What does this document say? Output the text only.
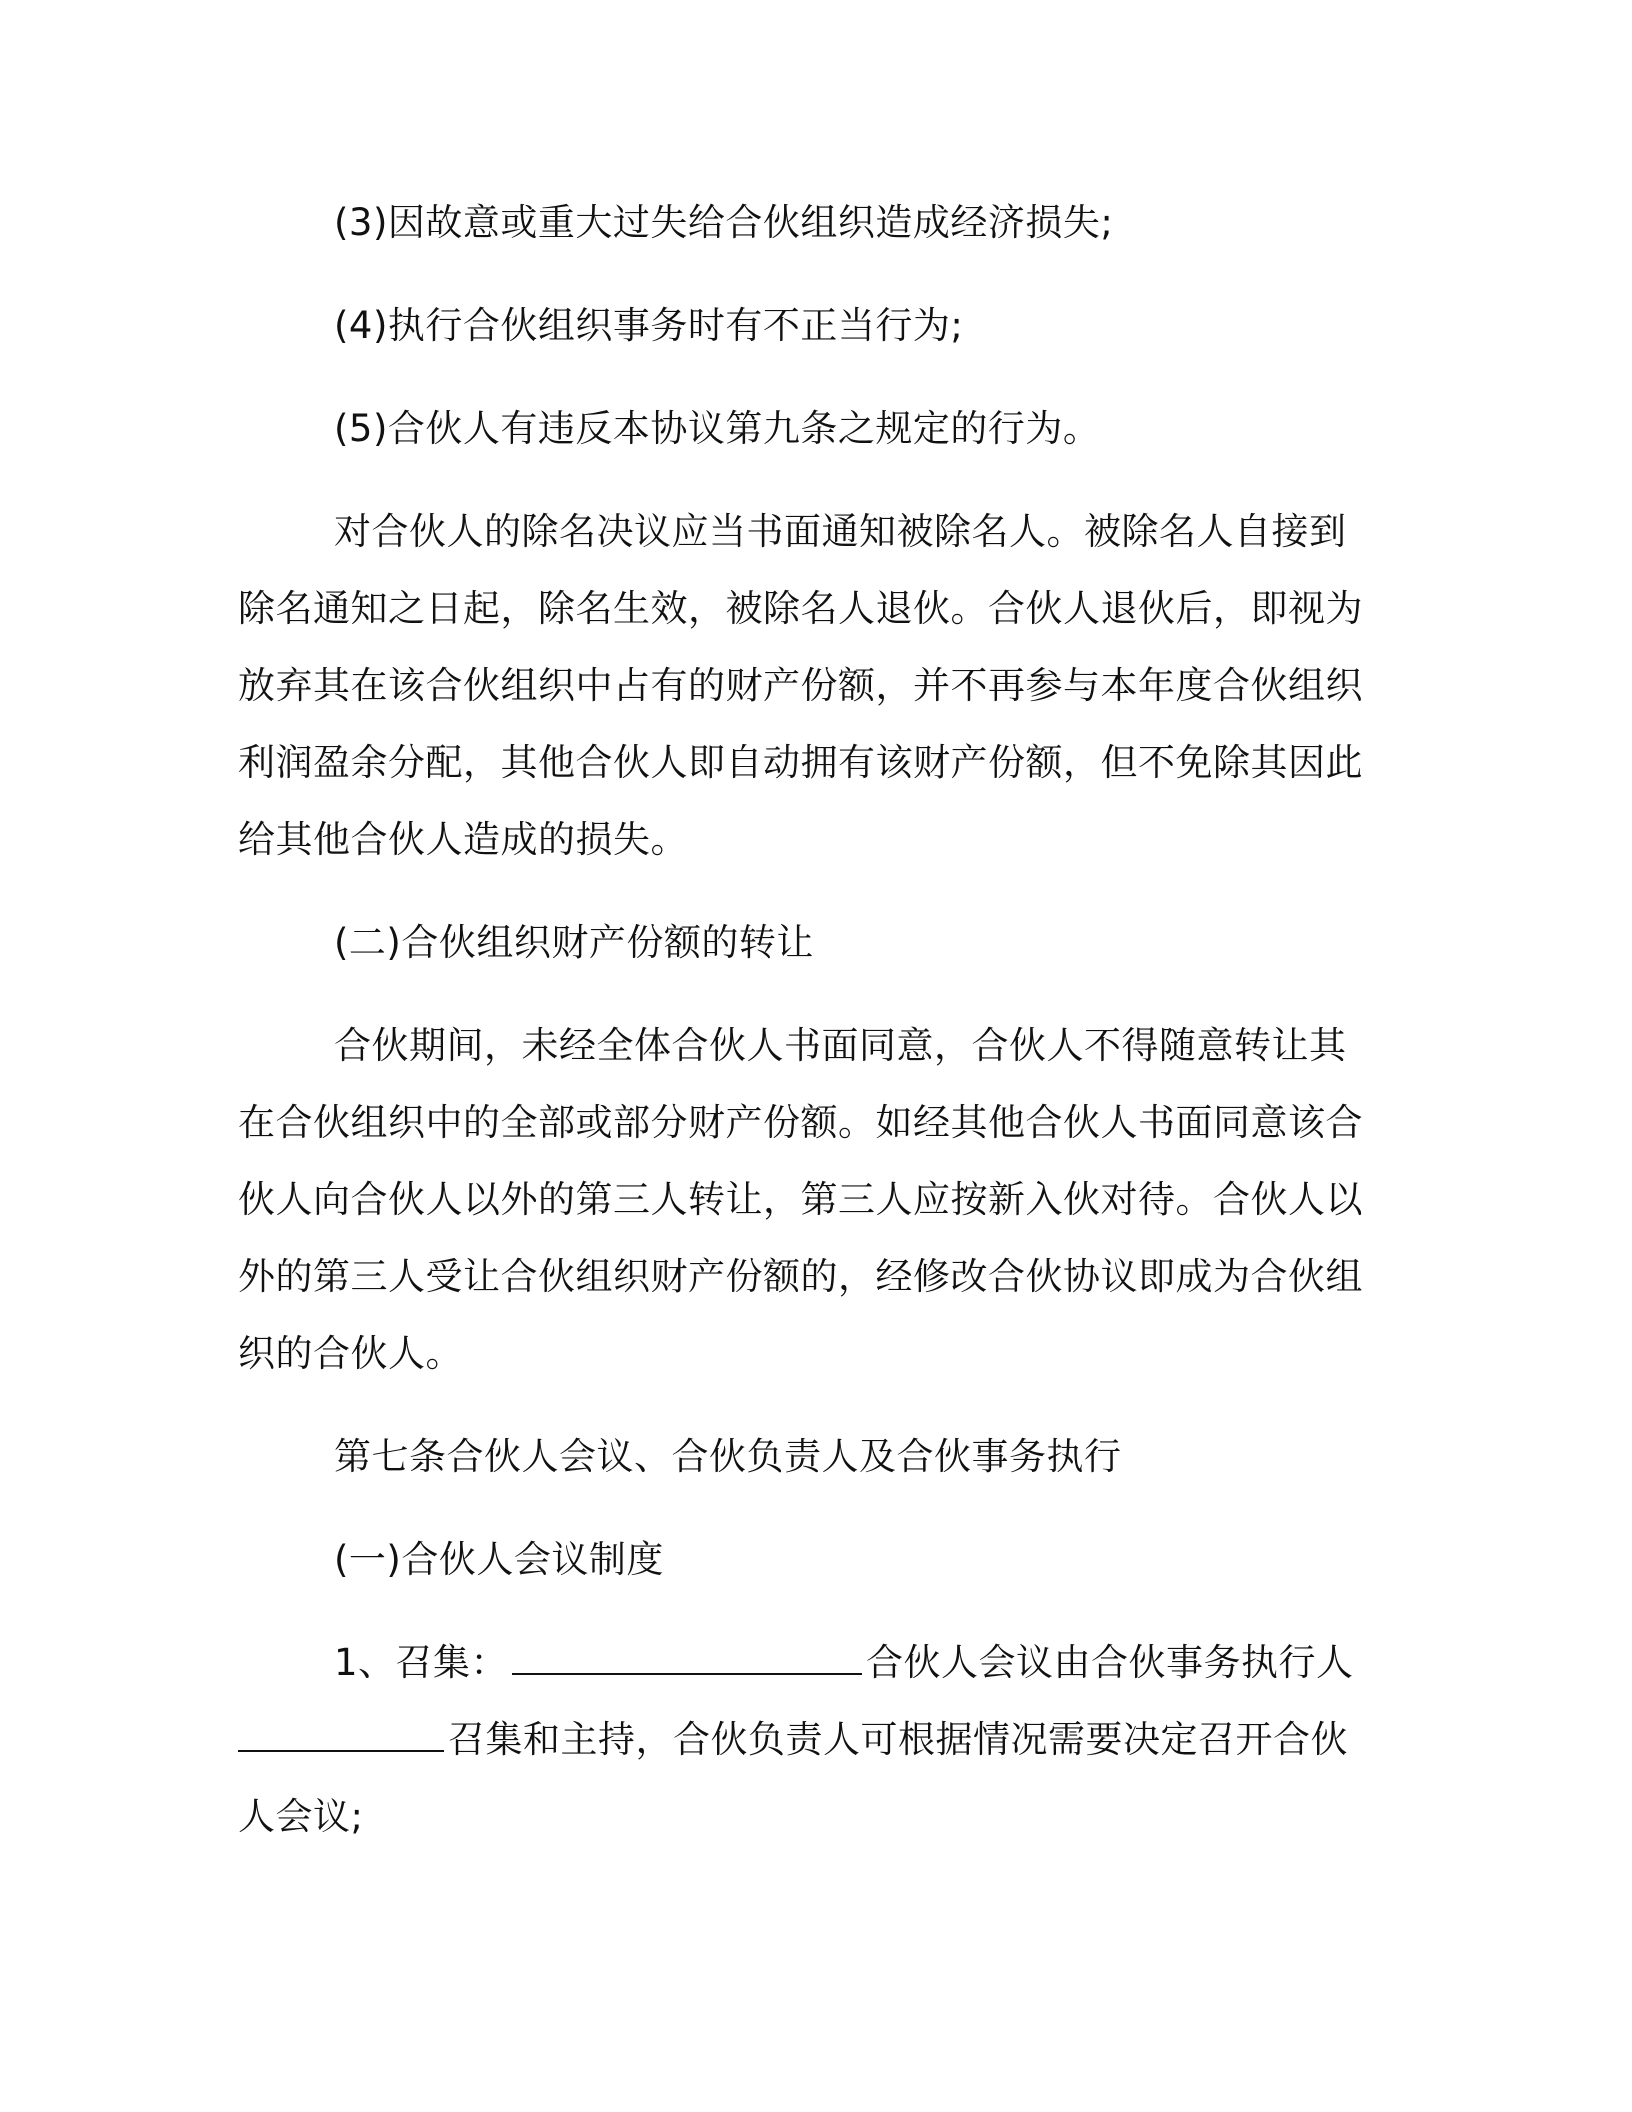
(3)因故意或重大过失给合伙组织造成经济损失;

(4)执行合伙组织事务时有不正当行为;

(5)合伙人有违反本协议第九条之规定的行为。

对合伙人的除名决议应当书面通知被除名人。被除名人自接到除名通知之日起，除名生效，被除名人退伙。合伙人退伙后，即视为放弃其在该合伙组织中占有的财产份额，并不再参与本年度合伙组织利润盈余分配，其他合伙人即自动拥有该财产份额，但不免除其因此给其他合伙人造成的损失。

(二)合伙组织财产份额的转让

合伙期间，未经全体合伙人书面同意，合伙人不得随意转让其在合伙组织中的全部或部分财产份额。如经其他合伙人书面同意该合伙人向合伙人以外的第三人转让，第三人应按新入伙对待。合伙人以外的第三人受让合伙组织财产份额的，经修改合伙协议即成为合伙组织的合伙人。

第七条合伙人会议、合伙负责人及合伙事务执行

(一)合伙人会议制度

1、召集：	合伙人会议由合伙事务执行人召集和主持，合伙负责人可根据情况需要决定召开合伙人会议;
